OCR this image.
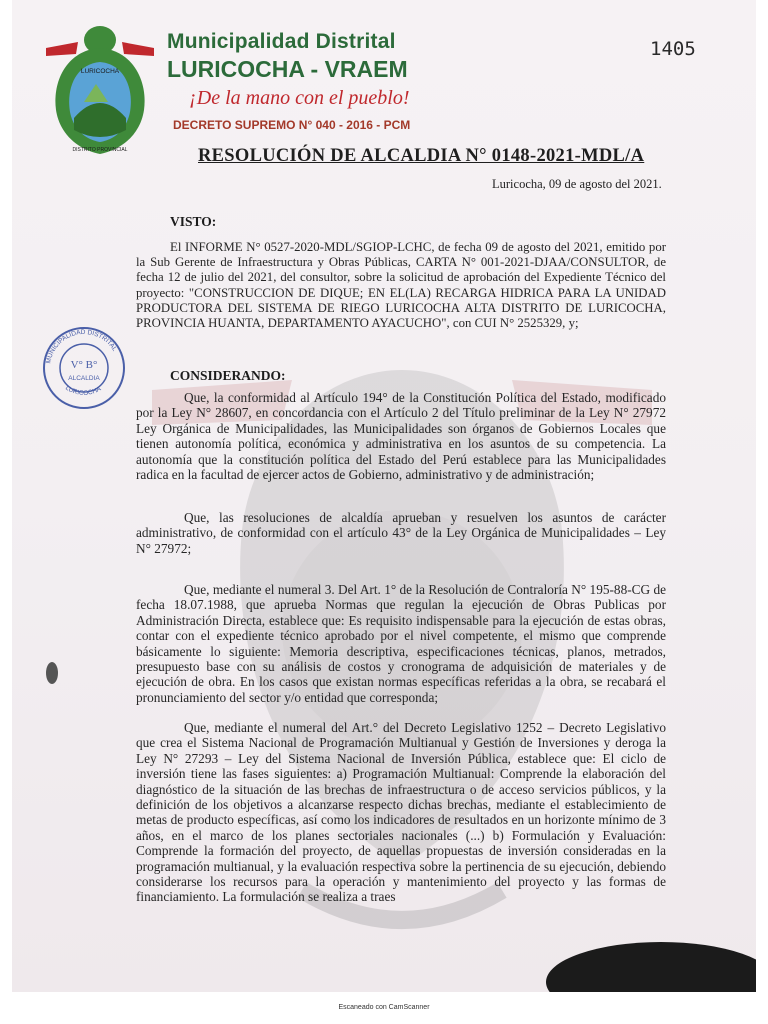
LURICOCHA
DISTRITO PROVINCIAL
Municipalidad Distrital
LURICOCHA - VRAEM
¡De la mano con el pueblo!
DECRETO SUPREMO N° 040 - 2016 - PCM
1405
RESOLUCIÓN DE ALCALDIA N° 0148-2021-MDL/A
Luricocha, 09 de agosto del 2021.
VISTO:
El INFORME N° 0527-2020-MDL/SGIOP-LCHC, de fecha 09 de agosto del 2021, emitido por la Sub Gerente de Infraestructura y Obras Públicas, CARTA N° 001-2021-DJAA/CONSULTOR, de fecha 12 de julio del 2021, del consultor, sobre la solicitud de aprobación del Expediente Técnico del proyecto: "CONSTRUCCION DE DIQUE; EN EL(LA) RECARGA HIDRICA PARA LA UNIDAD PRODUCTORA DEL SISTEMA DE RIEGO LURICOCHA ALTA DISTRITO DE LURICOCHA, PROVINCIA HUANTA, DEPARTAMENTO AYACUCHO", con CUI N° 2525329, y;
MUNICIPALIDAD DISTRITAL
LURICOCHA
V° B°
ALCALDIA	CONSIDERANDO:
Que, la conformidad al Artículo 194° de la Constitución Política del Estado, modificado por la Ley N° 28607, en concordancia con el Artículo 2 del Título preliminar de la Ley N° 27972 Ley Orgánica de Municipalidades, las Municipalidades son órganos de Gobiernos Locales que tienen autonomía política, económica y administrativa en los asuntos de su competencia. La autonomía que la constitución política del Estado del Perú establece para las Municipalidades radica en la facultad de ejercer actos de Gobierno, administrativo y de administración;
Que, las resoluciones de alcaldía aprueban y resuelven los asuntos de carácter administrativo, de conformidad con el artículo 43° de la Ley Orgánica de Municipalidades – Ley N° 27972;
Que, mediante el numeral 3. Del Art. 1° de la Resolución de Contraloría N° 195-88-CG de fecha 18.07.1988, que aprueba Normas que regulan la ejecución de Obras Publicas por Administración Directa, establece que: Es requisito indispensable para la ejecución de estas obras, contar con el expediente técnico aprobado por el nivel competente, el mismo que comprende básicamente lo siguiente: Memoria descriptiva, especificaciones técnicas, planos, metrados, presupuesto base con su análisis de costos y cronograma de adquisición de materiales y de ejecución de obra. En los casos que existan normas específicas referidas a la obra, se recabará el pronunciamiento del sector y/o entidad que corresponda;
Que, mediante el numeral del Art.° del Decreto Legislativo 1252 – Decreto Legislativo que crea el Sistema Nacional de Programación Multianual y Gestión de Inversiones y deroga la Ley N° 27293 – Ley del Sistema Nacional de Inversión Pública, establece que: El ciclo de inversión tiene las fases siguientes: a) Programación Multianual: Comprende la elaboración del diagnóstico de la situación de las brechas de infraestructura o de acceso servicios públicos, y la definición de los objetivos a alcanzarse respecto dichas brechas, mediante el establecimiento de metas de producto específicas, así como los indicadores de resultados en un horizonte mínimo de 3 años, en el marco de los planes sectoriales nacionales (...) b) Formulación y Evaluación: Comprende la formación del proyecto, de aquellas propuestas de inversión consideradas en la programación multianual, y la evaluación respectiva sobre la pertinencia de su ejecución, debiendo considerarse los recursos para la operación y mantenimiento del proyecto y las formas de financiamiento. La formulación se realiza a traes
Escaneado con CamScanner
